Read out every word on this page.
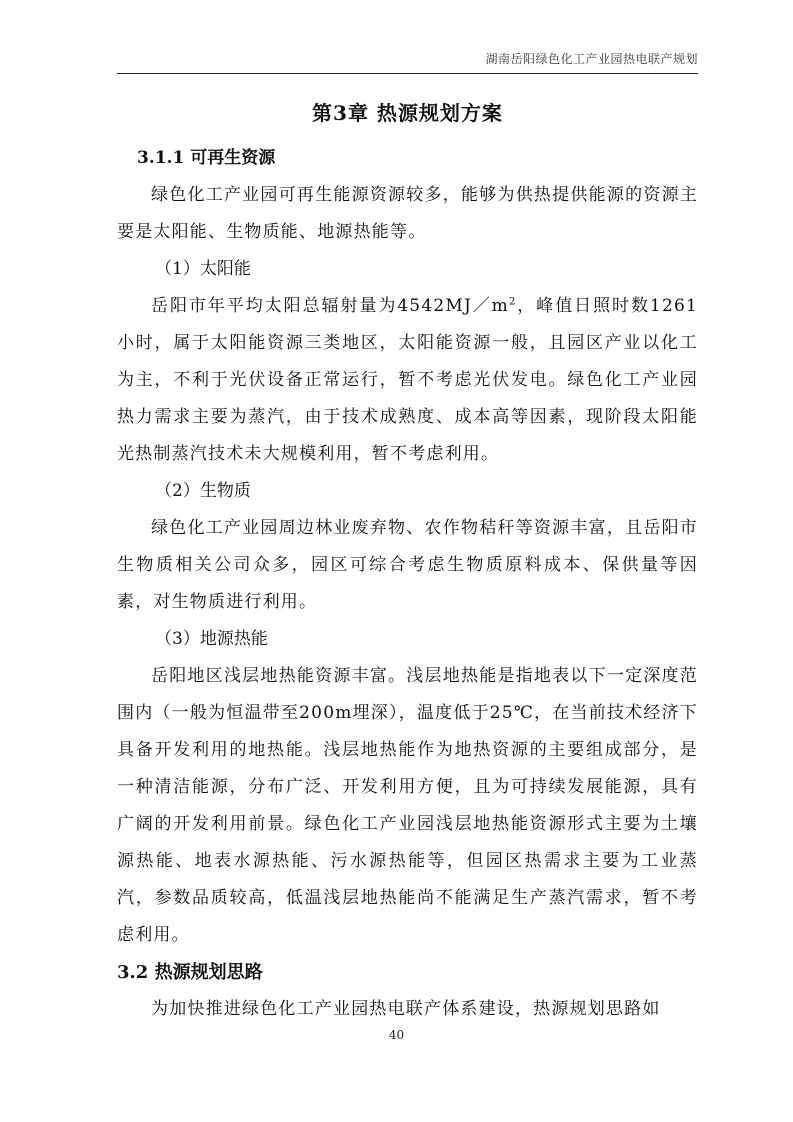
湖南岳阳绿色化工产业园热电联产规划
第3章 热源规划方案

3.1.1 可再生资源

绿色化工产业园可再生能源资源较多，能够为供热提供能源的资源主要是太阳能、生物质能、地源热能等。

（1）太阳能

岳阳市年平均太阳总辐射量为$4542MJ/m^2$，峰值日照时数1261小时，属于太阳能资源三类地区，太阳能资源一般，且园区产业以化工为主，不利于光伏设备正常运行，暂不考虑光伏发电。绿色化工产业园热力需求主要为蒸汽，由于技术成熟度、成本高等因素，现阶段太阳能光热制蒸汽技术未大规模利用，暂不考虑利用。

（2）生物质

绿色化工产业园周边林业废弃物、农作物秸秆等资源丰富，且岳阳市生物质相关公司众多，园区可综合考虑生物质原料成本、保供量等因素，对生物质进行利用。

（3）地源热能

岳阳地区浅层地热能资源丰富。浅层地热能是指地表以下一定深度范围内（一般为恒温带至200m埋深），温度低于25℃，在当前技术经济下具备开发利用的地热能。浅层地热能作为地热资源的主要组成部分，是一种清洁能源，分布广泛、开发利用方便，且为可持续发展能源，具有广阔的开发利用前景。绿色化工产业园浅层地热能资源形式主要为土壤源热能、地表水源热能、污水源热能等，但园区热需求主要为工业蒸汽，参数品质较高，低温浅层地热能尚不能满足生产蒸汽需求，暂不考虑利用。

3.2 热源规划思路

为加快推进绿色化工产业园热电联产体系建设，热源规划思路如

40
